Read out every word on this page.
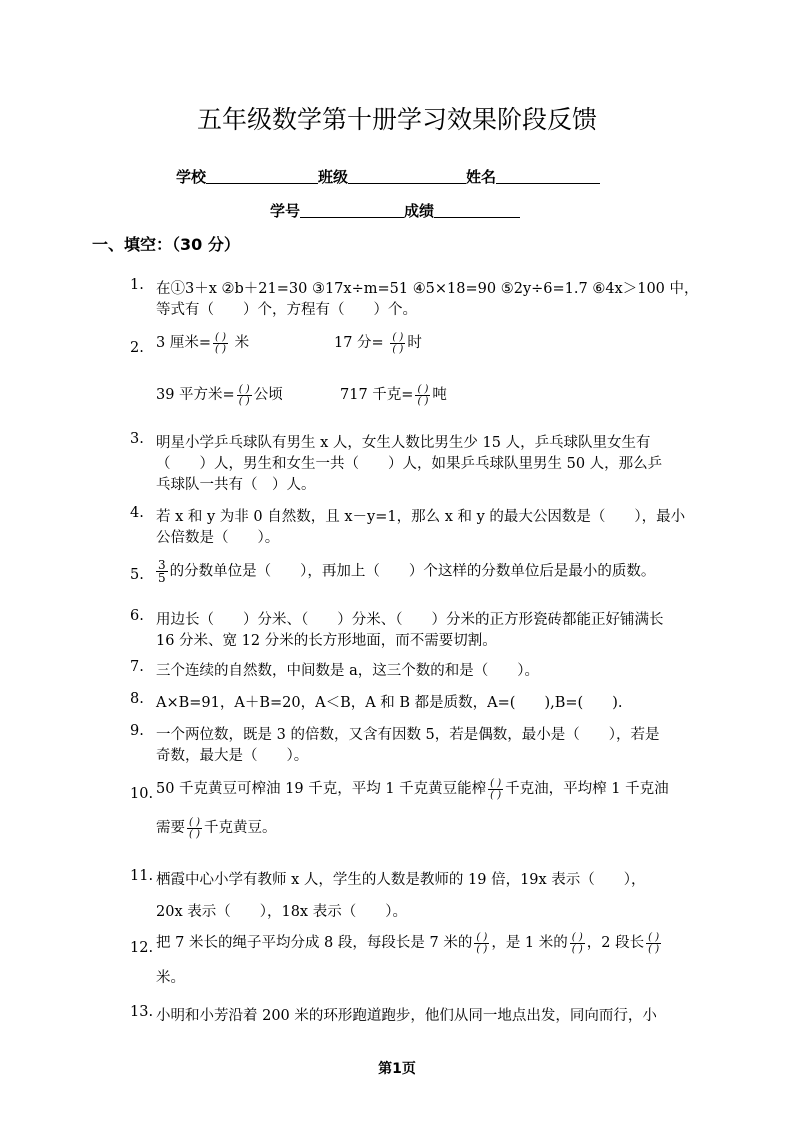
五年级数学第十册学习效果阶段反馈
学校	班级	姓名
学号	成绩
一、填空：（30 分）
1. 在①3＋x ②b＋21=30 ③17x÷m=51 ④5×18=90 ⑤2y÷6=1.7 ⑥4x＞100 中，
等式有（　　）个，方程有（　　）个。
2. 3 厘米= $\frac{( )}{( )}$ 米	17 分= $\frac{( )}{( )}$ 时
39 平方米= $\frac{( )}{( )}$ 公顷	717 千克= $\frac{( )}{( )}$ 吨
3. 明星小学乒乓球队有男生 x 人，女生人数比男生少 15 人，乒乓球队里女生有
（　　）人，男生和女生一共（　　）人，如果乒乓球队里男生 50 人，那么乒
乓球队一共有（　）人。
4. 若 x 和 y 为非 0 自然数，且 x－y=1，那么 x 和 y 的最大公因数是（　　），最小
公倍数是（　　）。
5. $\frac{3}{5}$ 的分数单位是（　　），再加上（　　）个这样的分数单位后是最小的质数。
6. 用边长（　　）分米、（　　）分米、（　　）分米的正方形瓷砖都能正好铺满长
16 分米、宽 12 分米的长方形地面，而不需要切割。
7. 三个连续的自然数，中间数是 a，这三个数的和是（　　）。
8. A×B=91，A＋B=20，A＜B，A 和 B 都是质数，A=(　　),B=(　　).
9. 一个两位数，既是 3 的倍数，又含有因数 5，若是偶数，最小是（　　），若是
奇数，最大是（　　）。
10. 50 千克黄豆可榨油 19 千克，平均 1 千克黄豆能榨 $\frac{( )}{( )}$ 千克油，平均榨 1 千克油
需要 $\frac{( )}{( )}$ 千克黄豆。
11. 栖霞中心小学有教师 x 人，学生的人数是教师的 19 倍，19x 表示（　　），
20x 表示（　　），18x 表示（　　）。
12. 把 7 米长的绳子平均分成 8 段，每段长是 7 米的 $\frac{( )}{( )}$ ，是 1 米的 $\frac{( )}{( )}$ ，2 段长 $\frac{( )}{( )}$
米。
13. 小明和小芳沿着 200 米的环形跑道跑步，他们从同一地点出发，同向而行，小
第1页
